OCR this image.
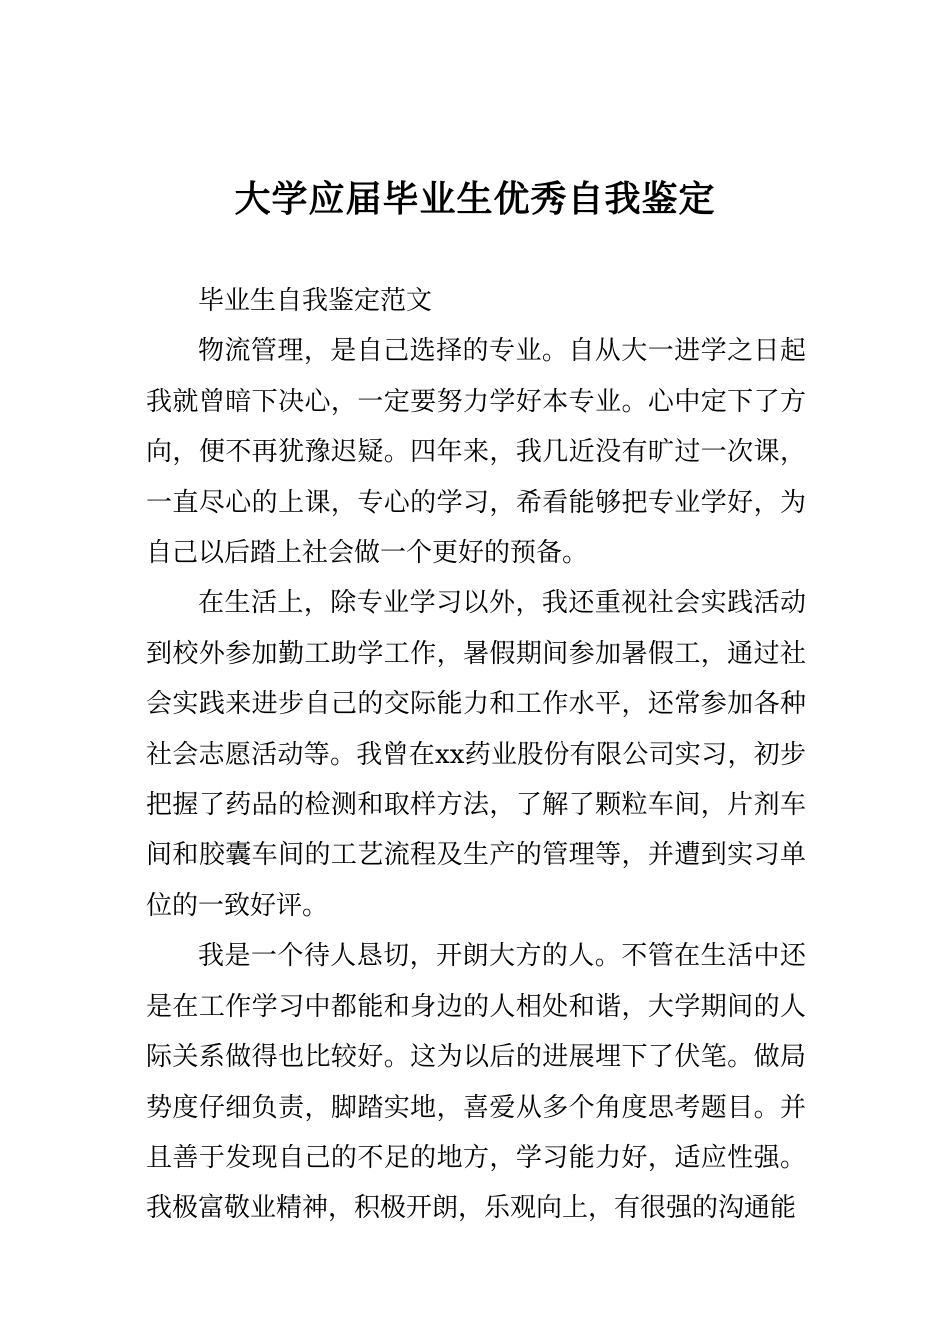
大学应届毕业生优秀自我鉴定

毕业生自我鉴定范文

物流管理，是自己选择的专业。自从大一进学之日起我就曾暗下决心，一定要努力学好本专业。心中定下了方向，便不再犹豫迟疑。四年来，我几近没有旷过一次课，一直尽心的上课，专心的学习，希看能够把专业学好，为自己以后踏上社会做一个更好的预备。

在生活上，除专业学习以外，我还重视社会实践活动到校外参加勤工助学工作，暑假期间参加暑假工，通过社会实践来进步自己的交际能力和工作水平，还常参加各种社会志愿活动等。我曾在xx药业股份有限公司实习，初步把握了药品的检测和取样方法，了解了颗粒车间，片剂车间和胶囊车间的工艺流程及生产的管理等，并遭到实习单位的一致好评。

我是一个待人恳切，开朗大方的人。不管在生活中还是在工作学习中都能和身边的人相处和谐，大学期间的人际关系做得也比较好。这为以后的进展埋下了伏笔。做局势度仔细负责，脚踏实地，喜爱从多个角度思考题目。并且善于发现自己的不足的地方，学习能力好，适应性强。我极富敬业精神，积极开朗，乐观向上，有很强的沟通能
